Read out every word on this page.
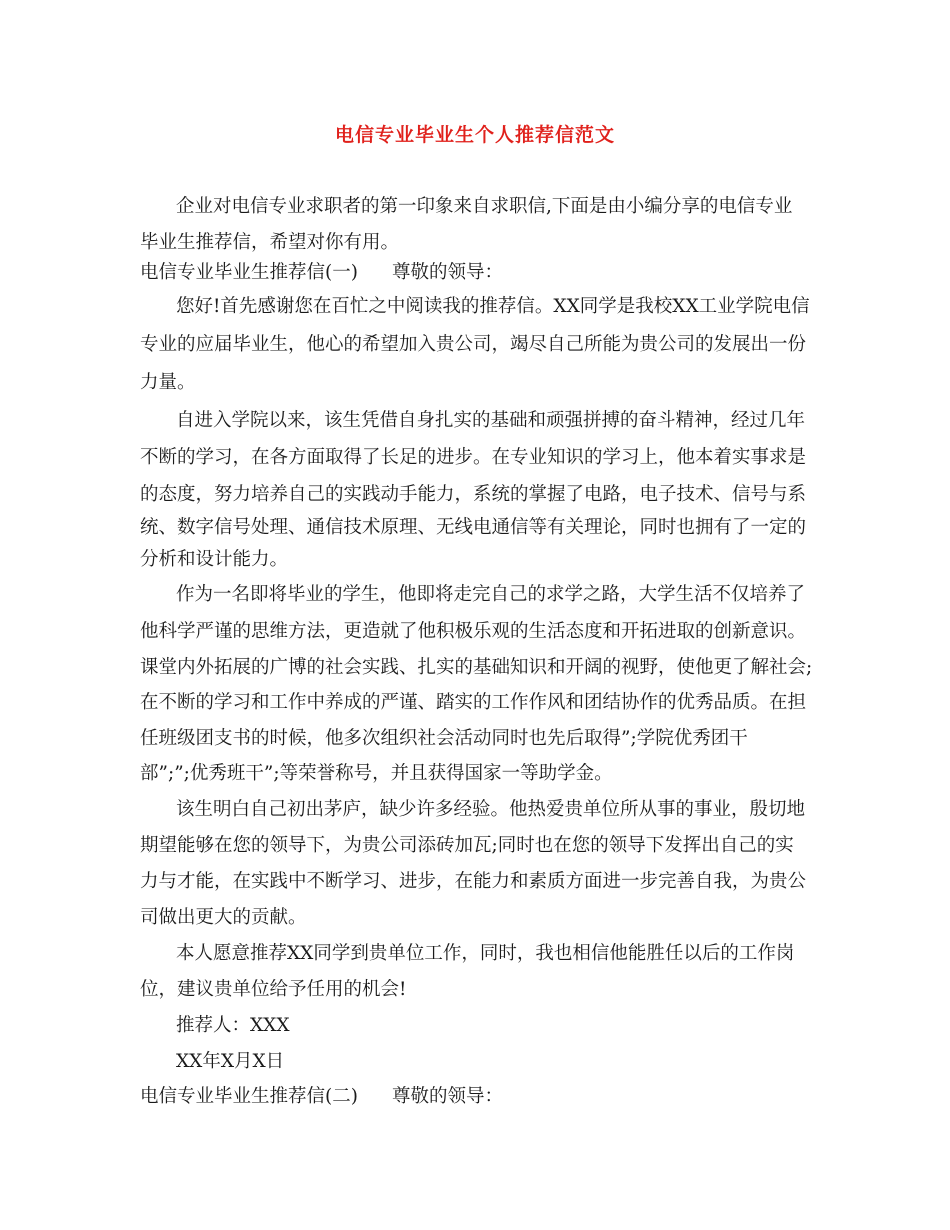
电信专业毕业生个人推荐信范文
企业对电信专业求职者的第一印象来自求职信,下面是由小编分享的电信专业
毕业生推荐信，希望对你有用。
电信专业毕业生推荐信(一) 尊敬的领导：
您好!首先感谢您在百忙之中阅读我的推荐信。XX同学是我校XX工业学院电信
专业的应届毕业生，他心的希望加入贵公司，竭尽自己所能为贵公司的发展出一份
力量。
自进入学院以来，该生凭借自身扎实的基础和顽强拼搏的奋斗精神，经过几年
不断的学习，在各方面取得了长足的进步。在专业知识的学习上，他本着实事求是
的态度，努力培养自己的实践动手能力，系统的掌握了电路，电子技术、信号与系
统、数字信号处理、通信技术原理、无线电通信等有关理论，同时也拥有了一定的
分析和设计能力。
作为一名即将毕业的学生，他即将走完自己的求学之路，大学生活不仅培养了
他科学严谨的思维方法，更造就了他积极乐观的生活态度和开拓进取的创新意识。
课堂内外拓展的广博的社会实践、扎实的基础知识和开阔的视野，使他更了解社会;
在不断的学习和工作中养成的严谨、踏实的工作作风和团结协作的优秀品质。在担
任班级团支书的时候，他多次组织社会活动同时也先后取得”;学院优秀团干
部”;”;优秀班干”;等荣誉称号，并且获得国家一等助学金。
该生明白自己初出茅庐，缺少许多经验。他热爱贵单位所从事的事业，殷切地
期望能够在您的领导下，为贵公司添砖加瓦;同时也在您的领导下发挥出自己的实
力与才能，在实践中不断学习、进步，在能力和素质方面进一步完善自我，为贵公
司做出更大的贡献。
本人愿意推荐XX同学到贵单位工作，同时，我也相信他能胜任以后的工作岗
位，建议贵单位给予任用的机会!
推荐人：XXX
XX年X月X日
电信专业毕业生推荐信(二) 尊敬的领导：
